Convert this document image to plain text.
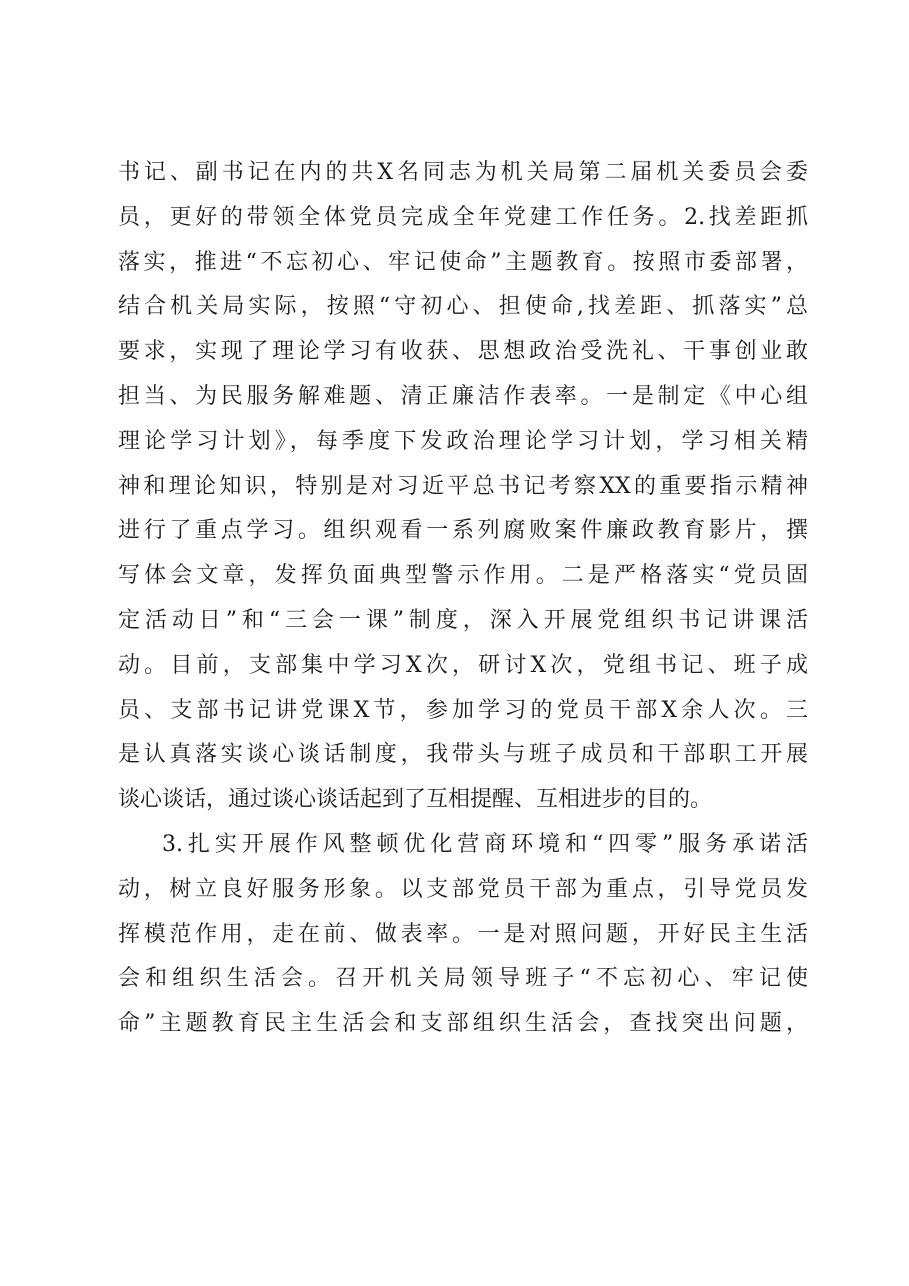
书记、副书记在内的共X名同志为机关局第二届机关委员会委
员，更好的带领全体党员完成全年党建工作任务。2.找差距抓
落实，推进“不忘初心、牢记使命”主题教育。按照市委部署，
结合机关局实际，按照“守初心、担使命,找差距、抓落实”总
要求，实现了理论学习有收获、思想政治受洗礼、干事创业敢
担当、为民服务解难题、清正廉洁作表率。一是制定《中心组
理论学习计划》，每季度下发政治理论学习计划，学习相关精
神和理论知识，特别是对习近平总书记考察XX的重要指示精神
进行了重点学习。组织观看一系列腐败案件廉政教育影片，撰
写体会文章，发挥负面典型警示作用。二是严格落实“党员固
定活动日”和“三会一课”制度，深入开展党组织书记讲课活
动。目前，支部集中学习X次，研讨X次，党组书记、班子成
员、支部书记讲党课X节，参加学习的党员干部X余人次。三
是认真落实谈心谈话制度，我带头与班子成员和干部职工开展
谈心谈话，通过谈心谈话起到了互相提醒、互相进步的目的。
3.扎实开展作风整顿优化营商环境和“四零”服务承诺活
动，树立良好服务形象。以支部党员干部为重点，引导党员发
挥模范作用，走在前、做表率。一是对照问题，开好民主生活
会和组织生活会。召开机关局领导班子“不忘初心、牢记使
命”主题教育民主生活会和支部组织生活会，查找突出问题，
